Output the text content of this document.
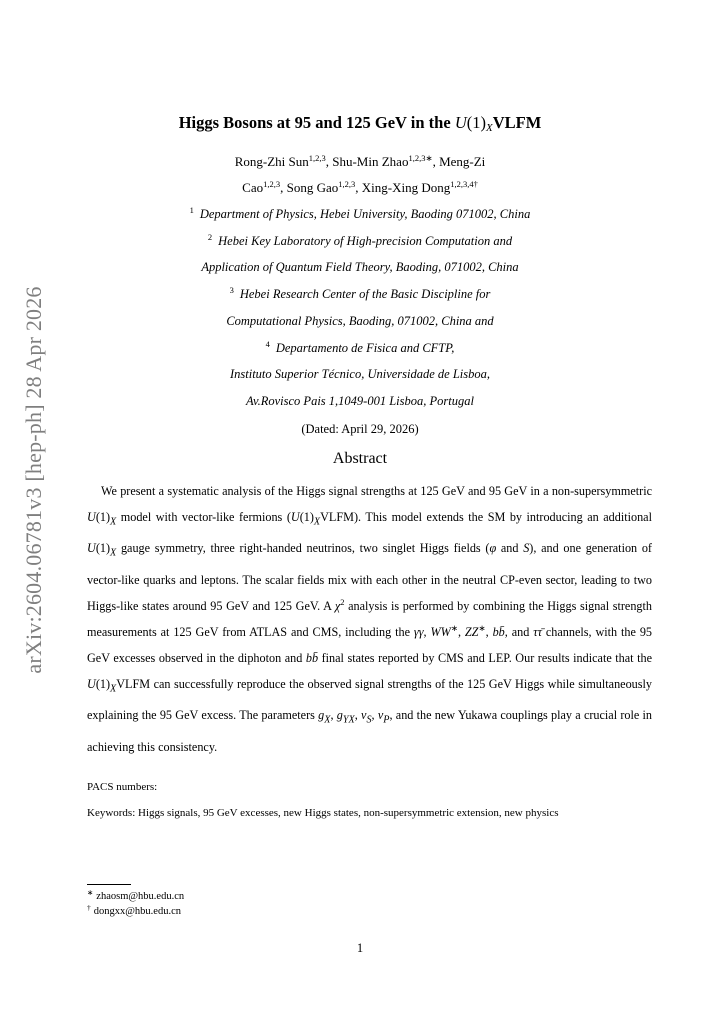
arXiv:2604.06781v3 [hep-ph] 28 Apr 2026
Higgs Bosons at 95 and 125 GeV in the $U(1)_XVLFM$
Rong-Zhi Sun$^{1,2,3}$, Shu-Min Zhao$^{1,2,3∗}$, Meng-Zi
Cao$^{1,2,3}$, Song Gao$^{1,2,3}$, Xing-Xing Dong$^{1,2,3,4\dagger}$
$^1$ Department of Physics, Hebei University, Baoding 071002, China
$^2$ Hebei Key Laboratory of High-precision Computation and
Application of Quantum Field Theory, Baoding, 071002, China
$^3$ Hebei Research Center of the Basic Discipline for
Computational Physics, Baoding, 071002, China and
$^4$ Departamento de Fisica and CFTP,
Instituto Superior Técnico, Universidade de Lisboa,
Av.Rovisco Pais 1,1049-001 Lisboa, Portugal
(Dated: April 29, 2026)
Abstract
We present a systematic analysis of the Higgs signal strengths at 125 GeV and 95 GeV in a non-supersymmetric $U(1)_X$ model with vector-like fermions $(U(1)_XVLFM)$. This model extends the SM by introducing an additional $U(1)_X$ gauge symmetry, three right-handed neutrinos, two singlet Higgs fields (φ and S), and one generation of vector-like quarks and leptons. The scalar fields mix with each other in the neutral CP-even sector, leading to two Higgs-like states around 95 GeV and 125 GeV. A $\chi^2$ analysis is performed by combining the Higgs signal strength measurements at 125 GeV from ATLAS and CMS, including the γγ, WW∗, ZZ∗, bb̄, and ττ̄ channels, with the 95 GeV excesses observed in the diphoton and bb̄ final states reported by CMS and LEP. Our results indicate that the $U(1)_XVLFM$ can successfully reproduce the observed signal strengths of the 125 GeV Higgs while simultaneously explaining the 95 GeV excess. The parameters $g_X$, $g_{YX}$, $v_S$, $v_P$, and the new Yukawa couplings play a crucial role in achieving this consistency.
PACS numbers:
Keywords: Higgs signals, 95 GeV excesses, new Higgs states, non-supersymmetric extension, new physics
∗ zhaosm@hbu.edu.cn
† dongxx@hbu.edu.cn
1
